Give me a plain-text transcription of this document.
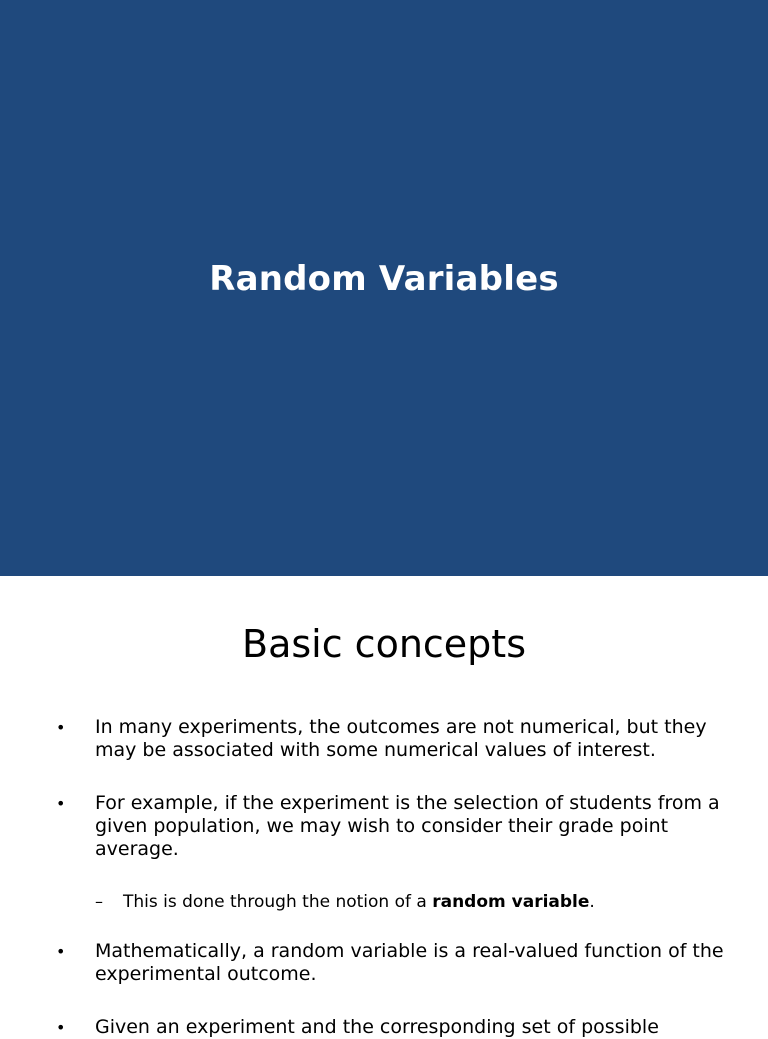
Random Variables
Basic concepts
• In many experiments, the outcomes are not numerical, but they may be associated with some numerical values of interest.
• For example, if the experiment is the selection of students from a given population, we may wish to consider their grade point average.
– This is done through the notion of a random variable.
• Mathematically, a random variable is a real-valued function of the experimental outcome.
• Given an experiment and the corresponding set of possible
